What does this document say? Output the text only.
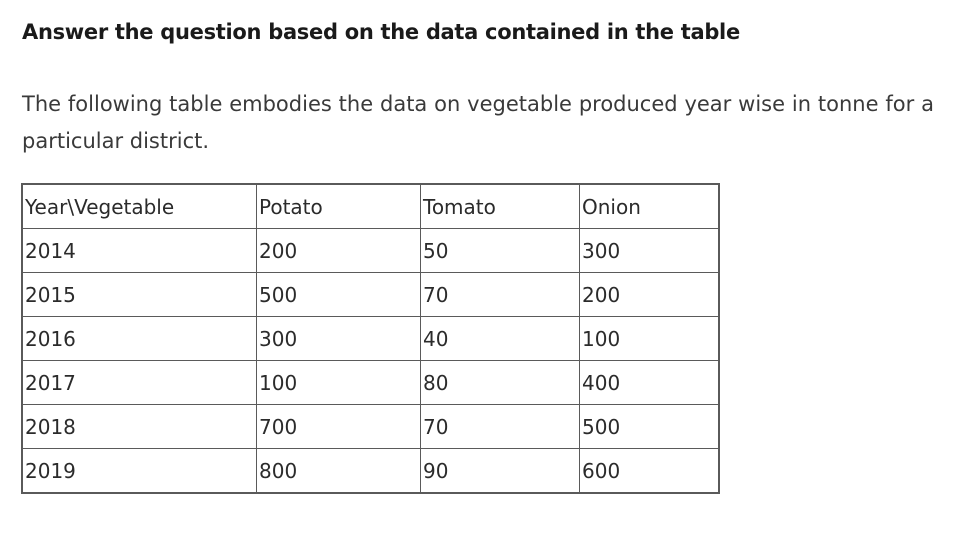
Answer the question based on the data contained in the table

The following table embodies the data on vegetable produced year wise in tonne for a particular district.

Year\Vegetable	Potato	Tomato	Onion
2014	200	50	300
2015	500	70	200
2016	300	40	100
2017	100	80	400
2018	700	70	500
2019	800	90	600
